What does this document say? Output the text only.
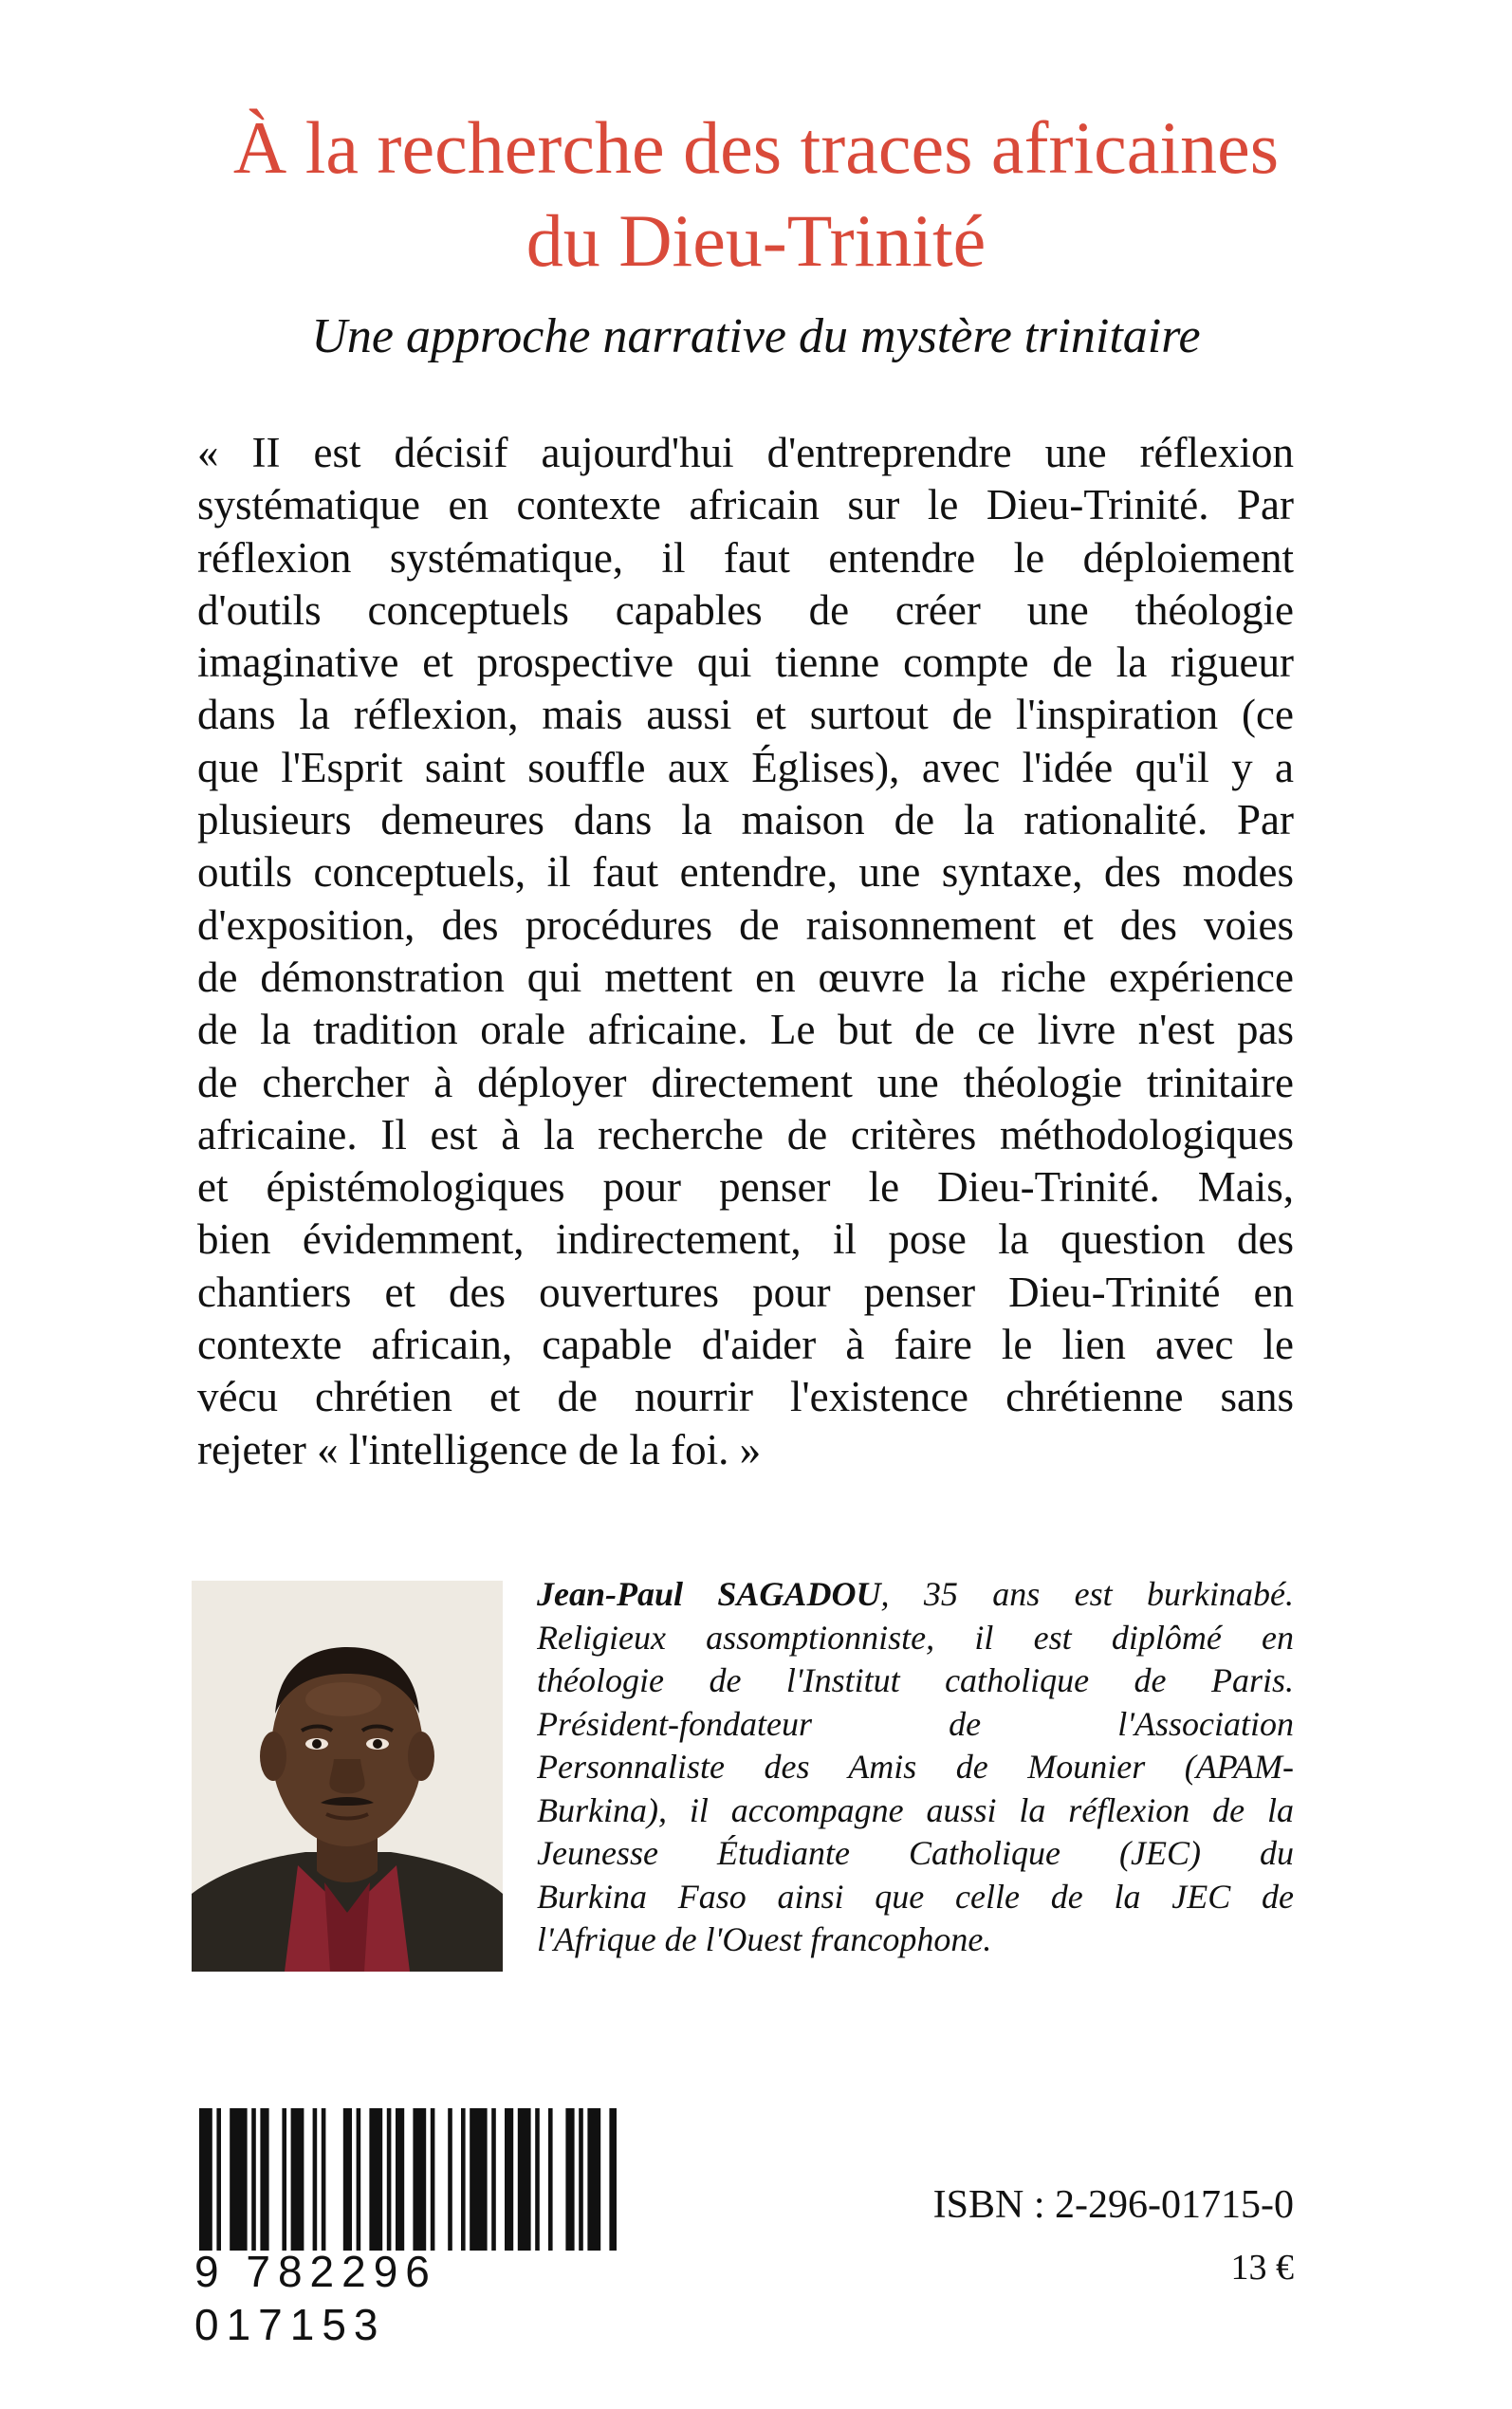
À la recherche des traces africaines
du Dieu-Trinité
Une approche narrative du mystère trinitaire
« II est décisif aujourd'hui d'entreprendre une réflexion
systématique en contexte africain sur le Dieu-Trinité. Par
réflexion systématique, il faut entendre le déploiement
d'outils conceptuels capables de créer une théologie
imaginative et prospective qui tienne compte de la rigueur
dans la réflexion, mais aussi et surtout de l'inspiration (ce
que l'Esprit saint souffle aux Églises), avec l'idée qu'il y a
plusieurs demeures dans la maison de la rationalité. Par
outils conceptuels, il faut entendre, une syntaxe, des modes
d'exposition, des procédures de raisonnement et des voies
de démonstration qui mettent en œuvre la riche expérience
de la tradition orale africaine. Le but de ce livre n'est pas
de chercher à déployer directement une théologie trinitaire
africaine. Il est à la recherche de critères méthodologiques
et épistémologiques pour penser le Dieu-Trinité. Mais,
bien évidemment, indirectement, il pose la question des
chantiers et des ouvertures pour penser Dieu-Trinité en
contexte africain, capable d'aider à faire le lien avec le
vécu chrétien et de nourrir l'existence chrétienne sans
rejeter « l'intelligence de la foi. »
Jean-Paul SAGADOU, 35 ans est burkinabé.
Religieux assomptionniste, il est diplômé en
théologie de l'Institut catholique de Paris.
Président-fondateur de l'Association
Personnaliste des Amis de Mounier (APAM-
Burkina), il accompagne aussi la réflexion de la
Jeunesse Étudiante Catholique (JEC) du
Burkina Faso ainsi que celle de la JEC de
l'Afrique de l'Ouest francophone.
9 782296 017153
ISBN : 2-296-01715-0
13 €
